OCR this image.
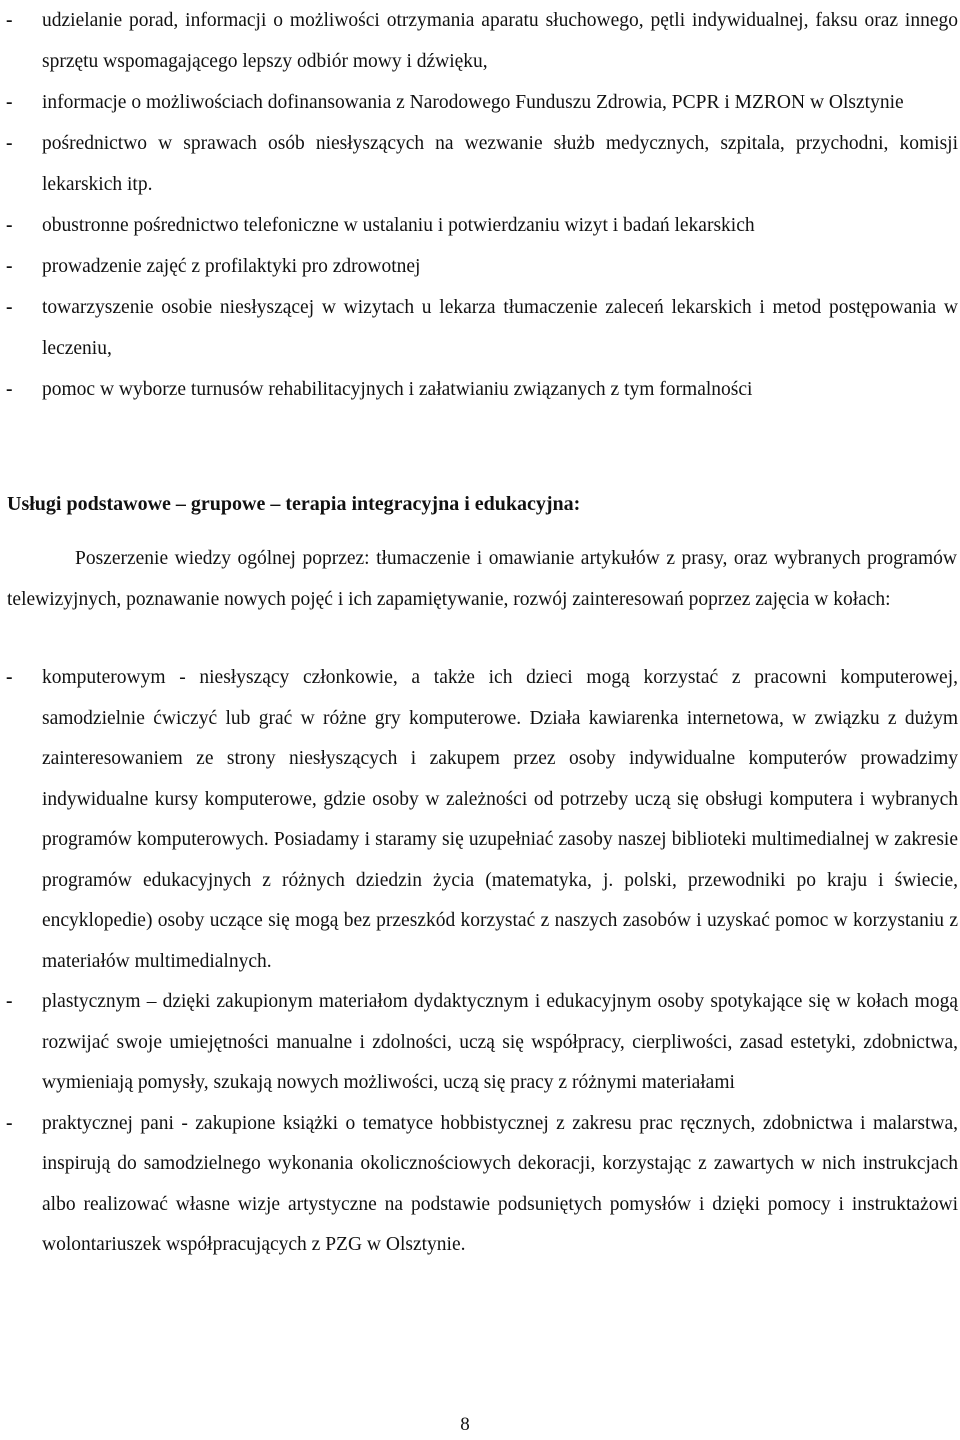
- udzielanie porad, informacji o możliwości otrzymania aparatu słuchowego, pętli indywidualnej, faksu oraz innego sprzętu wspomagającego lepszy odbiór mowy i dźwięku,
- informacje o możliwościach dofinansowania z Narodowego Funduszu Zdrowia, PCPR i MZRON w Olsztynie
- pośrednictwo w sprawach osób niesłyszących na wezwanie służb medycznych, szpitala, przychodni, komisji lekarskich itp.
- obustronne pośrednictwo telefoniczne w ustalaniu i potwierdzaniu wizyt i badań lekarskich
- prowadzenie zajęć z profilaktyki pro zdrowotnej
- towarzyszenie osobie niesłyszącej w wizytach u lekarza tłumaczenie zaleceń lekarskich i metod postępowania w leczeniu,
- pomoc w wyborze turnusów rehabilitacyjnych i załatwianiu związanych z tym formalności
Usługi podstawowe – grupowe – terapia integracyjna i edukacyjna:

Poszerzenie wiedzy ogólnej poprzez: tłumaczenie i omawianie artykułów z prasy, oraz wybranych programów telewizyjnych, poznawanie nowych pojęć i ich zapamiętywanie, rozwój zainteresowań poprzez zajęcia w kołach:

- komputerowym - niesłyszący członkowie, a także ich dzieci mogą korzystać z pracowni komputerowej, samodzielnie ćwiczyć lub grać w różne gry komputerowe. Działa kawiarenka internetowa, w związku z dużym zainteresowaniem ze strony niesłyszących i zakupem przez osoby indywidualne komputerów prowadzimy indywidualne kursy komputerowe, gdzie osoby w zależności od potrzeby uczą się obsługi komputera i wybranych programów komputerowych. Posiadamy i staramy się uzupełniać zasoby naszej biblioteki multimedialnej w zakresie programów edukacyjnych z różnych dziedzin życia (matematyka, j. polski, przewodniki po kraju i świecie, encyklopedie) osoby uczące się mogą bez przeszkód korzystać z naszych zasobów i uzyskać pomoc w korzystaniu z materiałów multimedialnych.
- plastycznym – dzięki zakupionym materiałom dydaktycznym i edukacyjnym osoby spotykające się w kołach mogą rozwijać swoje umiejętności manualne i zdolności, uczą się współpracy, cierpliwości, zasad estetyki, zdobnictwa, wymieniają pomysły, szukają nowych możliwości, uczą się pracy z różnymi materiałami
- praktycznej pani - zakupione książki o tematyce hobbistycznej z zakresu prac ręcznych, zdobnictwa i malarstwa, inspirują do samodzielnego wykonania okolicznościowych dekoracji, korzystając z zawartych w nich instrukcjach albo realizować własne wizje artystyczne na podstawie podsuniętych pomysłów i dzięki pomocy i instruktażowi wolontariuszek współpracujących z PZG w Olsztynie.
8
